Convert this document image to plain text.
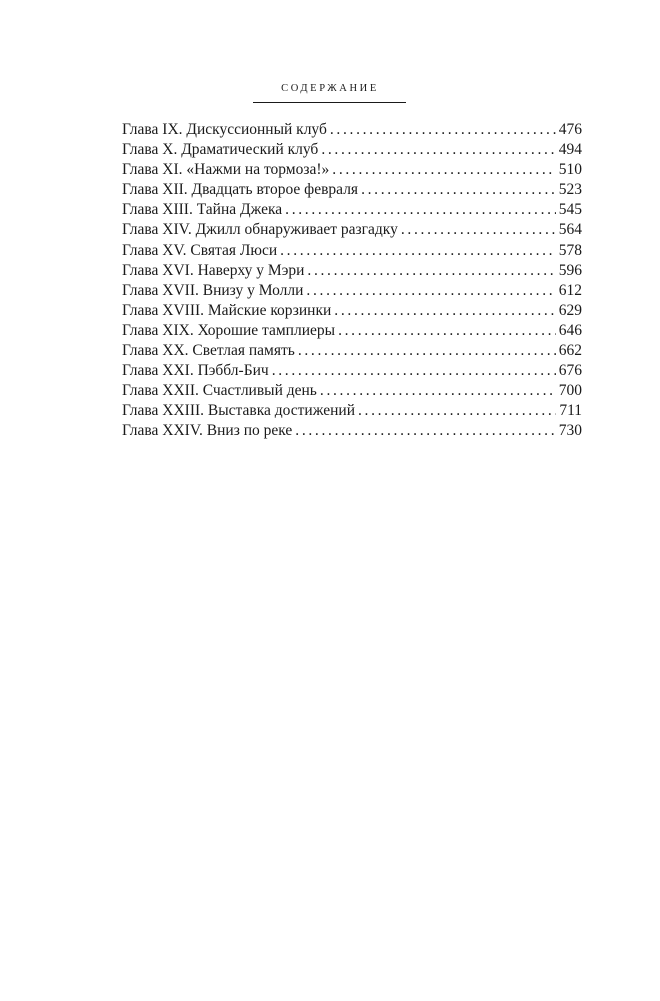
СОДЕРЖАНИЕ
Глава IX. Дискуссионный клуб . . .	476
Глава X. Драматический клуб . . .	494
Глава XI. «Нажми на тормоза!» . . .	510
Глава XII. Двадцать второе февраля . . .	523
Глава XIII. Тайна Джека . . .	545
Глава XIV. Джилл обнаруживает разгадку . . .	564
Глава XV. Святая Люси . . .	578
Глава XVI. Наверху у Мэри . . .	596
Глава XVII. Внизу у Молли . . .	612
Глава XVIII. Майские корзинки . . .	629
Глава XIX. Хорошие тамплиеры . . .	646
Глава XX. Светлая память . . .	662
Глава XXI. Пэббл-Бич . . .	676
Глава XXII. Счастливый день . . .	700
Глава XXIII. Выставка достижений . . .	711
Глава XXIV. Вниз по реке . . .	730
